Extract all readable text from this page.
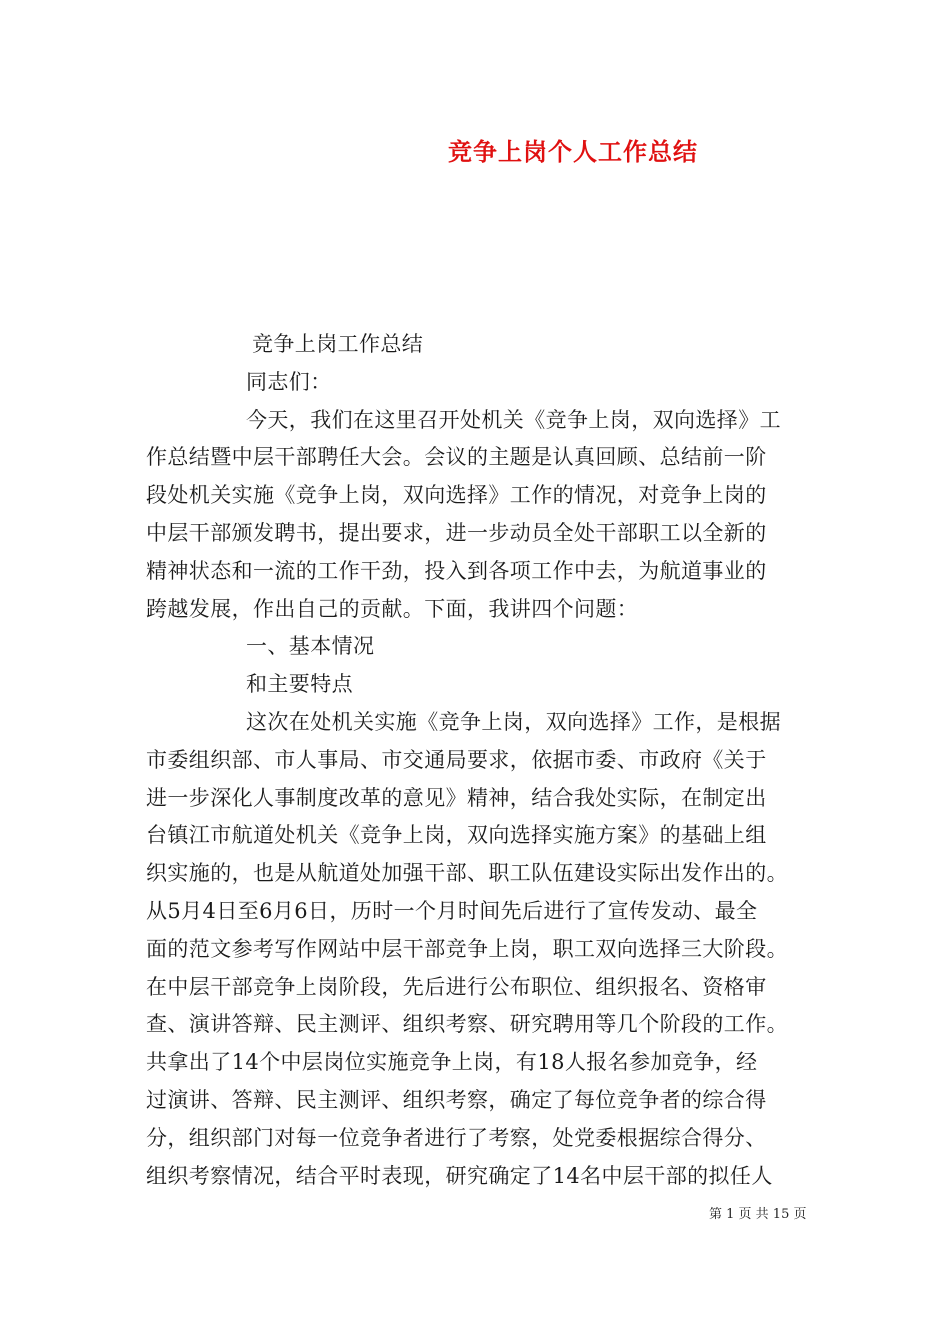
竞争上岗个人工作总结
竞争上岗工作总结
同志们：
今天，我们在这里召开处机关《竞争上岗，双向选择》工
作总结暨中层干部聘任大会。会议的主题是认真回顾、总结前一阶
段处机关实施《竞争上岗，双向选择》工作的情况，对竞争上岗的
中层干部颁发聘书，提出要求，进一步动员全处干部职工以全新的
精神状态和一流的工作干劲，投入到各项工作中去，为航道事业的
跨越发展，作出自己的贡献。下面，我讲四个问题：
一、基本情况
和主要特点
这次在处机关实施《竞争上岗，双向选择》工作，是根据
市委组织部、市人事局、市交通局要求，依据市委、市政府《关于
进一步深化人事制度改革的意见》精神，结合我处实际，在制定出
台镇江市航道处机关《竞争上岗，双向选择实施方案》的基础上组
织实施的，也是从航道处加强干部、职工队伍建设实际出发作出的。
从5月4日至6月6日，历时一个月时间先后进行了宣传发动、最全
面的范文参考写作网站中层干部竞争上岗，职工双向选择三大阶段。
在中层干部竞争上岗阶段，先后进行公布职位、组织报名、资格审
查、演讲答辩、民主测评、组织考察、研究聘用等几个阶段的工作。
共拿出了14个中层岗位实施竞争上岗，有18人报名参加竞争，经
过演讲、答辩、民主测评、组织考察，确定了每位竞争者的综合得
分，组织部门对每一位竞争者进行了考察，处党委根据综合得分、
组织考察情况，结合平时表现，研究确定了14名中层干部的拟任人
第 1 页 共 15 页
